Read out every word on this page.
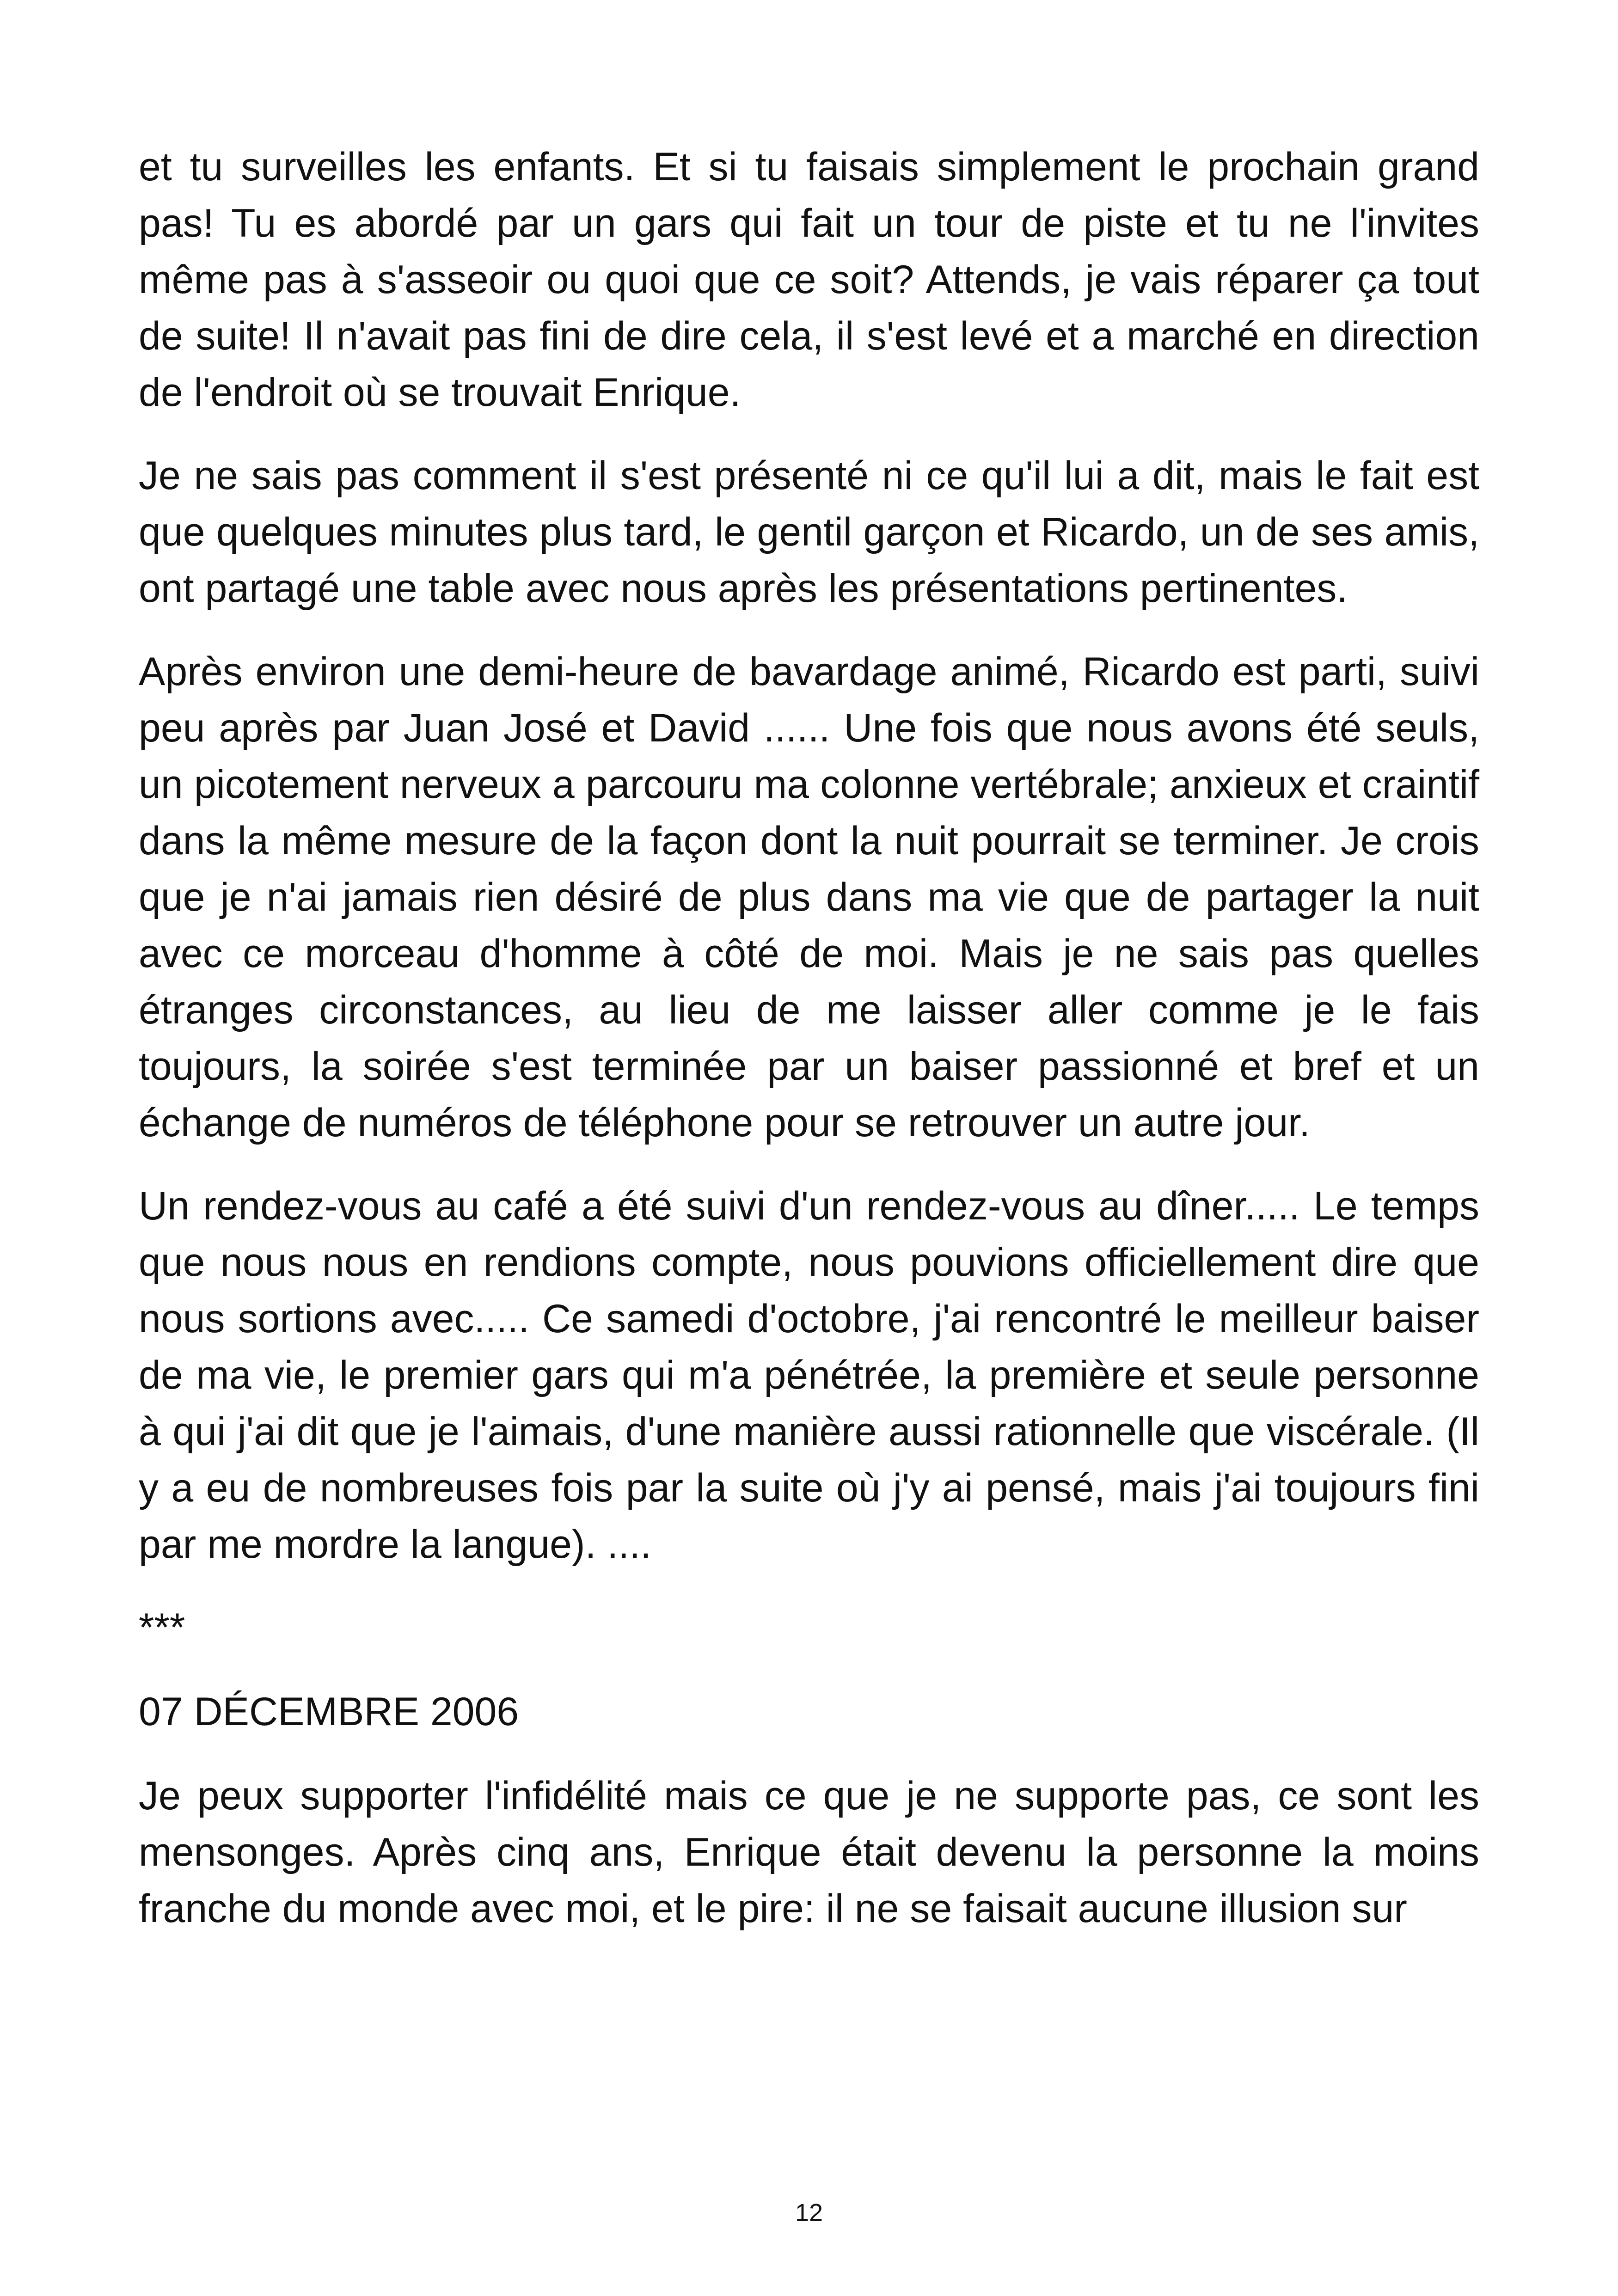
et tu surveilles les enfants. Et si tu faisais simplement le prochain grand pas! Tu es abordé par un gars qui fait un tour de piste et tu ne l'invites même pas à s'asseoir ou quoi que ce soit? Attends, je vais réparer ça tout de suite! Il n'avait pas fini de dire cela, il s'est levé et a marché en direction de l'endroit où se trouvait Enrique.

Je ne sais pas comment il s'est présenté ni ce qu'il lui a dit, mais le fait est que quelques minutes plus tard, le gentil garçon et Ricardo, un de ses amis, ont partagé une table avec nous après les présentations pertinentes.

Après environ une demi-heure de bavardage animé, Ricardo est parti, suivi peu après par Juan José et David ...... Une fois que nous avons été seuls, un picotement nerveux a parcouru ma colonne vertébrale; anxieux et craintif dans la même mesure de la façon dont la nuit pourrait se terminer. Je crois que je n'ai jamais rien désiré de plus dans ma vie que de partager la nuit avec ce morceau d'homme à côté de moi. Mais je ne sais pas quelles étranges circonstances, au lieu de me laisser aller comme je le fais toujours, la soirée s'est terminée par un baiser passionné et bref et un échange de numéros de téléphone pour se retrouver un autre jour.

Un rendez-vous au café a été suivi d'un rendez-vous au dîner..... Le temps que nous nous en rendions compte, nous pouvions officiellement dire que nous sortions avec..... Ce samedi d'octobre, j'ai rencontré le meilleur baiser de ma vie, le premier gars qui m'a pénétrée, la première et seule personne à qui j'ai dit que je l'aimais, d'une manière aussi rationnelle que viscérale. (Il y a eu de nombreuses fois par la suite où j'y ai pensé, mais j'ai toujours fini par me mordre la langue). ....

***
07 DÉCEMBRE 2006

Je peux supporter l'infidélité mais ce que je ne supporte pas, ce sont les mensonges. Après cinq ans, Enrique était devenu la personne la moins franche du monde avec moi, et le pire: il ne se faisait aucune illusion sur

12
